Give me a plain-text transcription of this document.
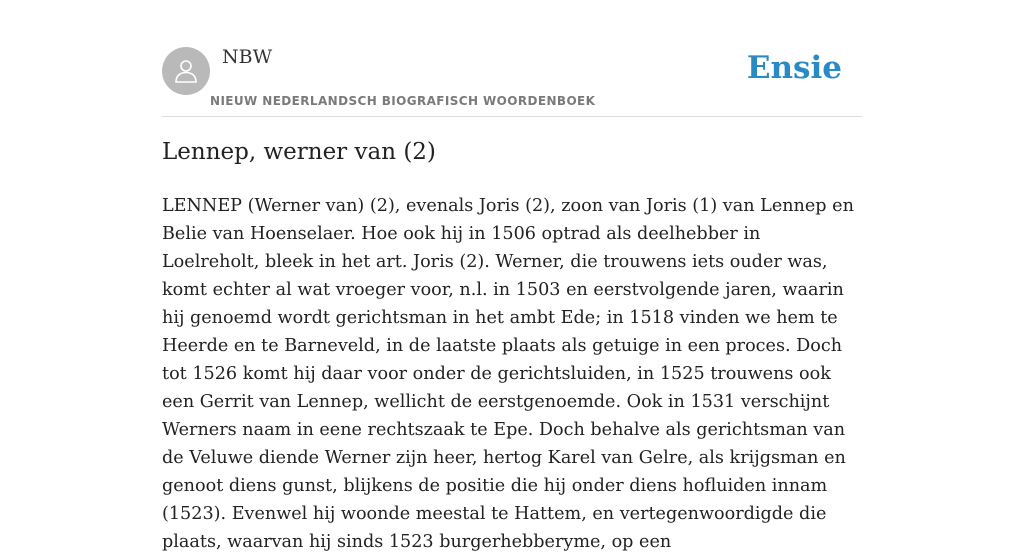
NBW
NIEUW NEDERLANDSCH BIOGRAFISCH WOORDENBOEK
Ensie
Lennep, werner van (2)

LENNEP (Werner van) (2), evenals Joris (2), zoon van Joris (1) van Lennep en Belie van Hoenselaer. Hoe ook hij in 1506 optrad als deelhebber in Loelreholt, bleek in het art. Joris (2). Werner, die trouwens iets ouder was, komt echter al wat vroeger voor, n.l. in 1503 en eerstvolgende jaren, waarin hij genoemd wordt gerichtsman in het ambt Ede; in 1518 vinden we hem te Heerde en te Barneveld, in de laatste plaats als getuige in een proces. Doch tot 1526 komt hij daar voor onder de gerichtsluiden, in 1525 trouwens ook een Gerrit van Lennep, wellicht de eerstgenoemde. Ook in 1531 verschijnt Werners naam in eene rechtszaak te Epe. Doch behalve als gerichtsman van de Veluwe diende Werner zijn heer, hertog Karel van Gelre, als krijgsman en genoot diens gunst, blijkens de positie die hij onder diens hofluiden innam (1523). Evenwel hij woonde meestal te Hattem, en vertegenwoordigde die plaats, waarvan hij sinds 1523 burgerhebberyme, op een
